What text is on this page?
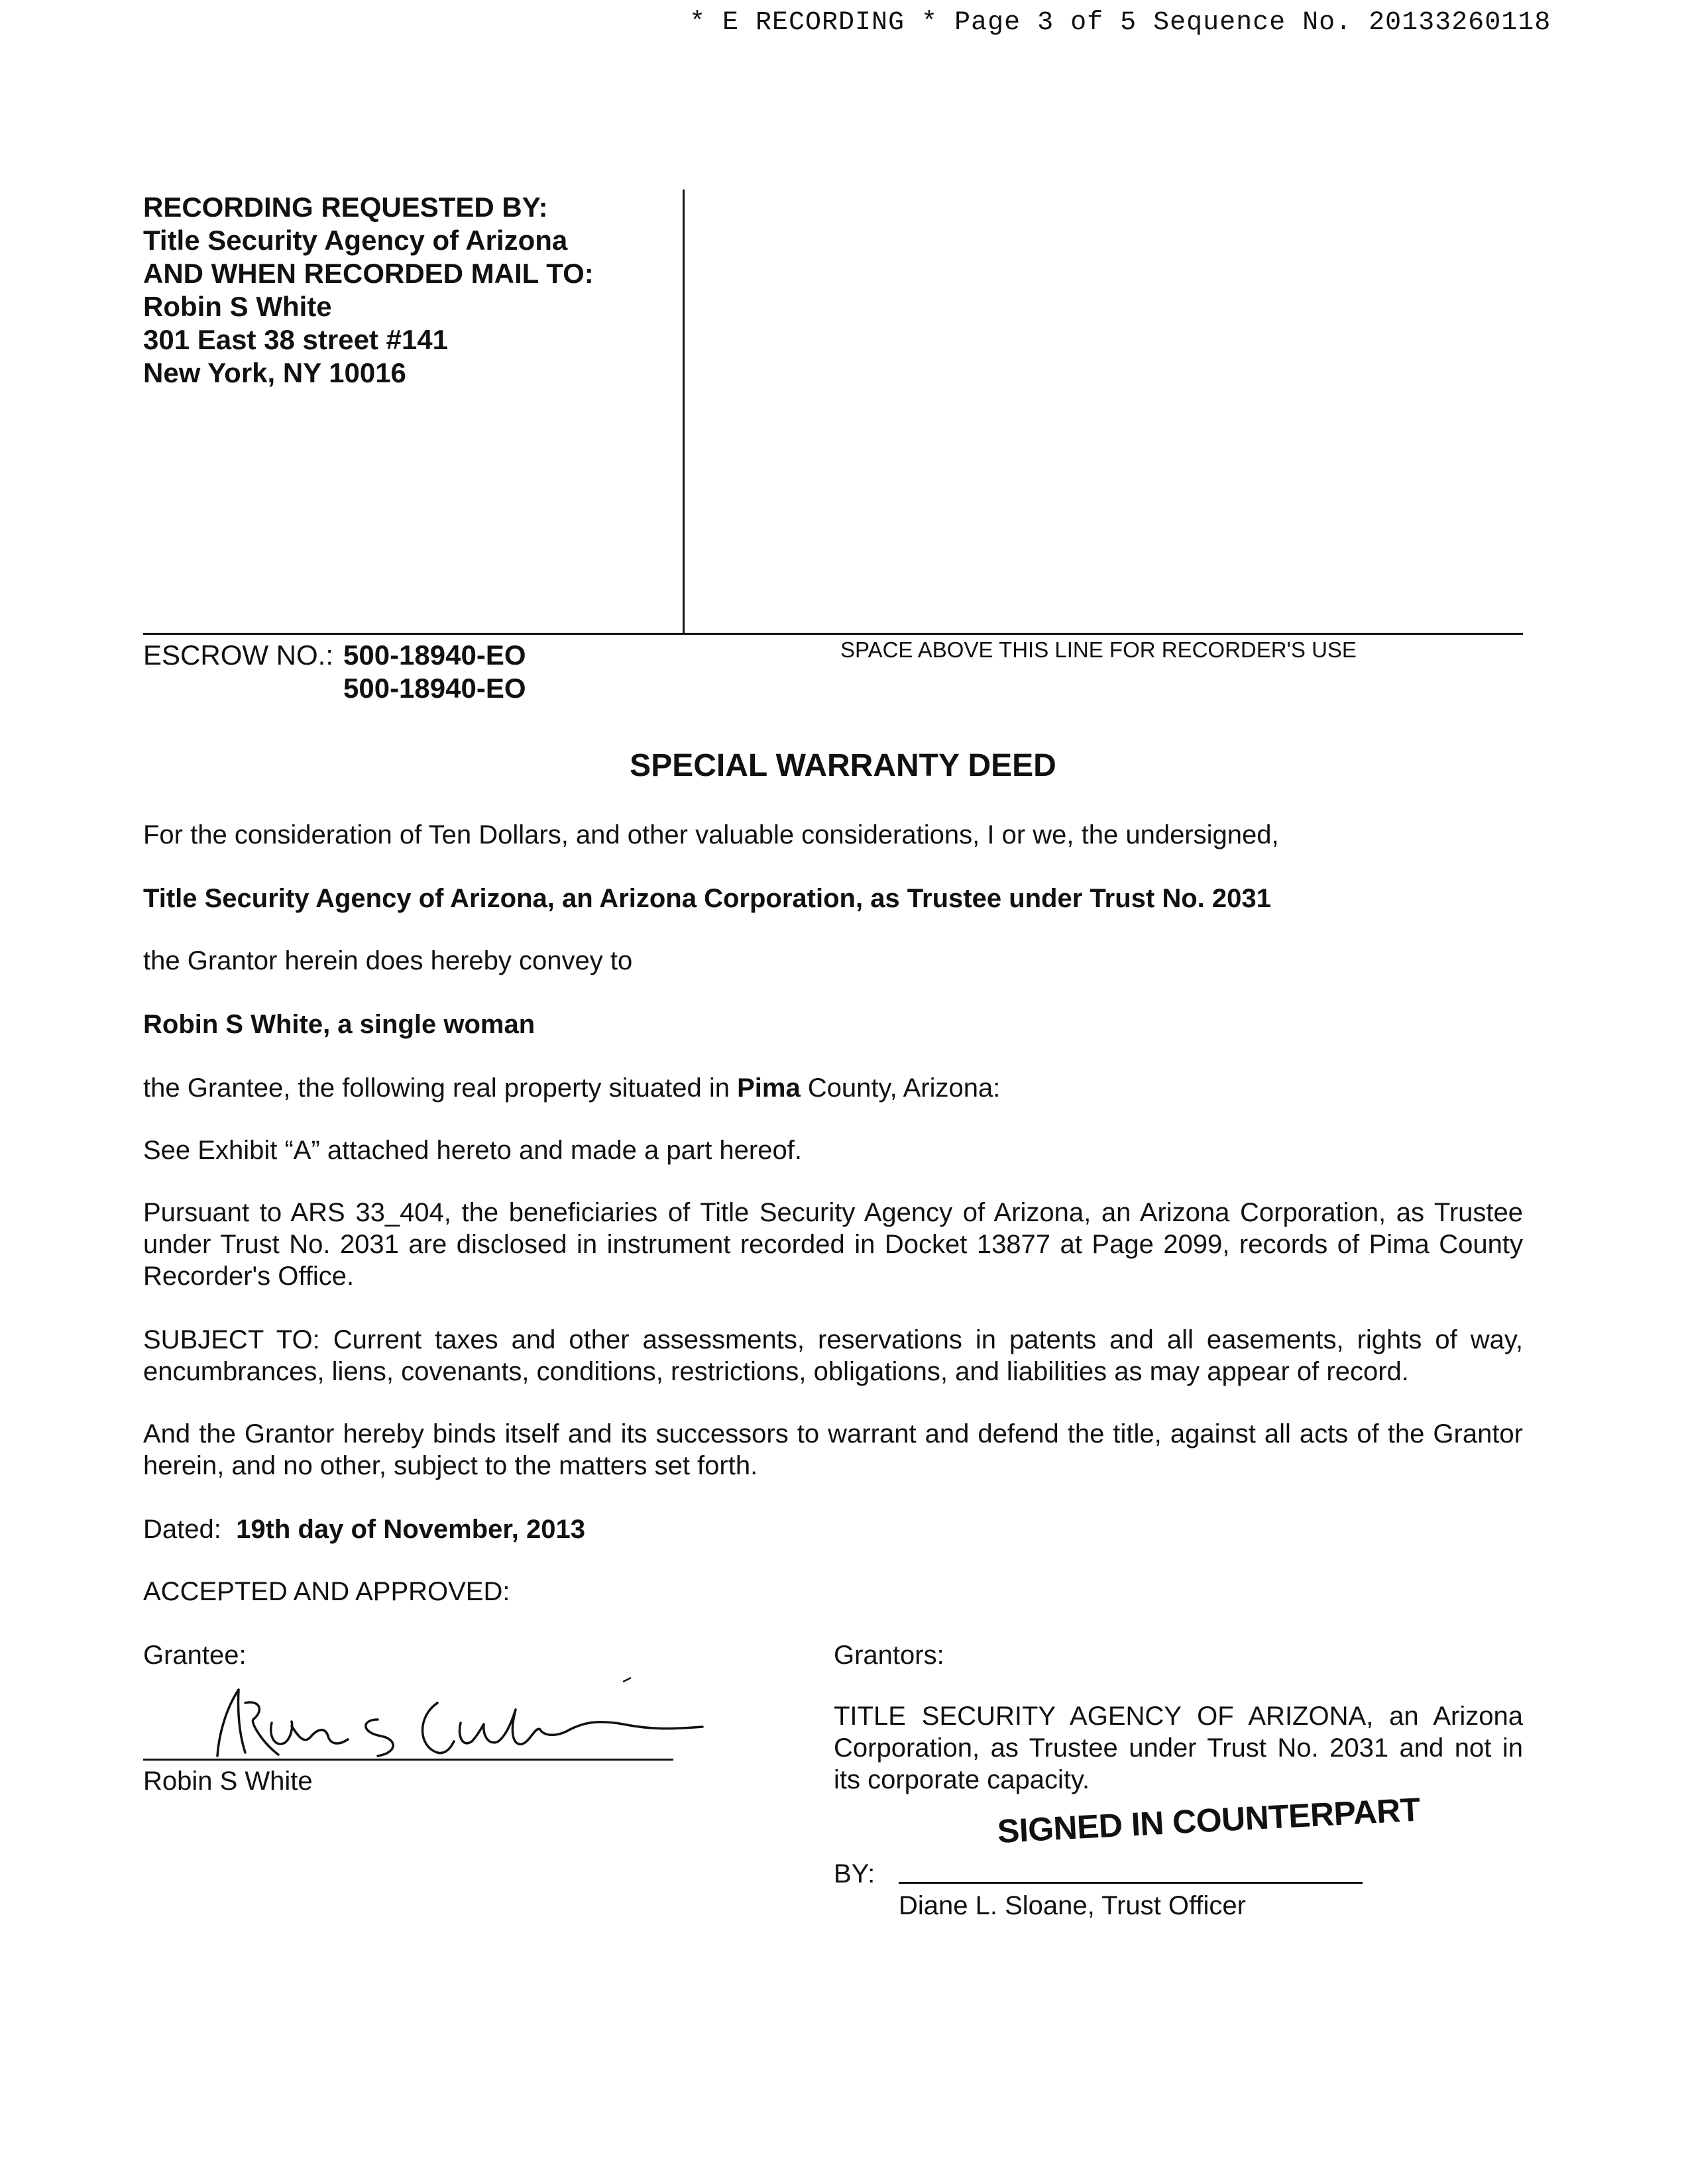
* E RECORDING * Page 3 of 5 Sequence No. 20133260118
RECORDING REQUESTED BY:
Title Security Agency of Arizona
AND WHEN RECORDED MAIL TO:
Robin S White
301 East 38 street #141
New York, NY 10016
ESCROW NO.: 500-18940-EO
500-18940-EO
SPACE ABOVE THIS LINE FOR RECORDER'S USE
SPECIAL WARRANTY DEED
For the consideration of Ten Dollars, and other valuable considerations, I or we, the undersigned,
Title Security Agency of Arizona, an Arizona Corporation, as Trustee under Trust No. 2031
the Grantor herein does hereby convey to
Robin S White, a single woman
the Grantee, the following real property situated in Pima County, Arizona:
See Exhibit “A” attached hereto and made a part hereof.
Pursuant to ARS 33_404, the beneficiaries of Title Security Agency of Arizona, an Arizona Corporation, as Trustee under Trust No. 2031 are disclosed in instrument recorded in Docket 13877 at Page 2099, records of Pima County Recorder's Office.
SUBJECT TO: Current taxes and other assessments, reservations in patents and all easements, rights of way, encumbrances, liens, covenants, conditions, restrictions, obligations, and liabilities as may appear of record.
And the Grantor hereby binds itself and its successors to warrant and defend the title, against all acts of the Grantor herein, and no other, subject to the matters set forth.
Dated: 19th day of November, 2013
ACCEPTED AND APPROVED:
Grantee:
Robin S White
Grantors:
TITLE SECURITY AGENCY OF ARIZONA, an Arizona Corporation, as Trustee under Trust No. 2031 and not in its corporate capacity.
SIGNED IN COUNTERPART
BY:
Diane L. Sloane, Trust Officer
